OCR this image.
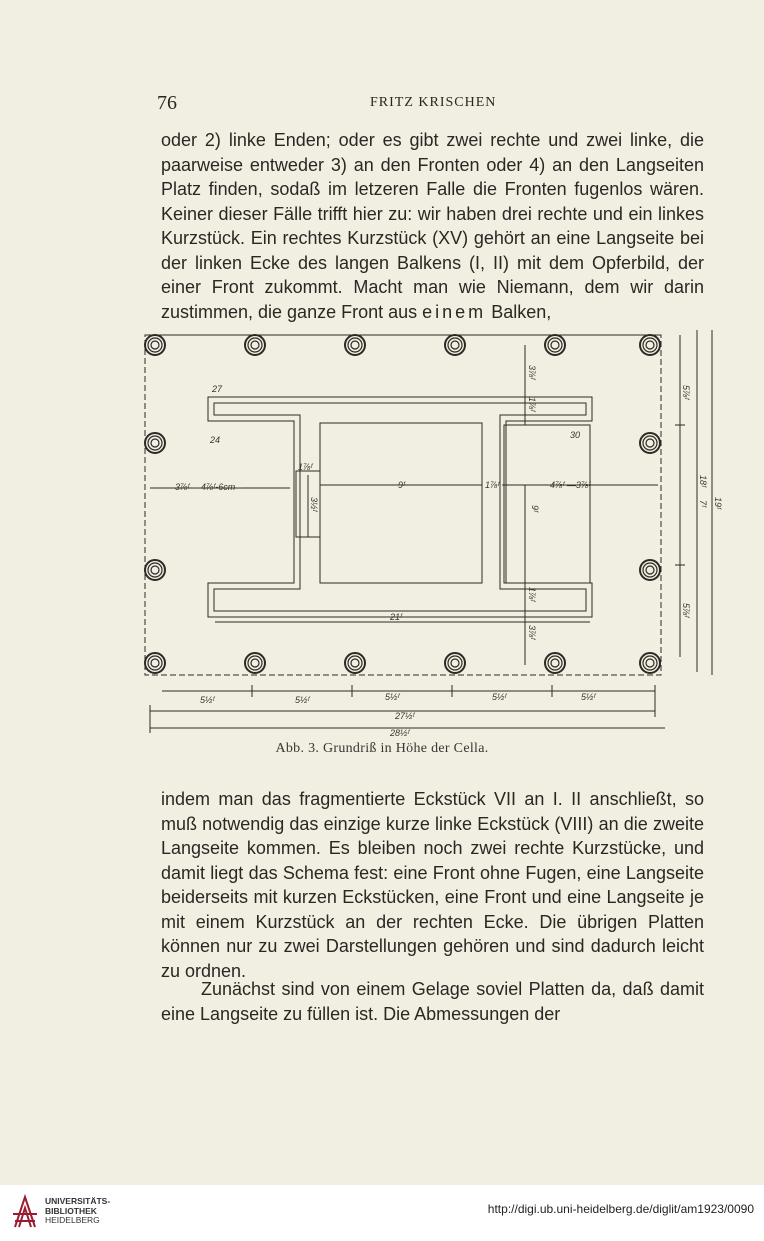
76	FRITZ KRISCHEN

oder 2) linke Enden; oder es gibt zwei rechte und zwei linke, die paarweise entweder 3) an den Fronten oder 4) an den Langseiten Platz finden, sodaß im letzeren Falle die Fronten fugenlos wären. Keiner dieser Fälle trifft hier zu: wir haben drei rechte und ein linkes Kurzstück. Ein rechtes Kurzstück (XV) gehört an eine Langseite bei der linken Ecke des langen Balkens (I, II) mit dem Opferbild, der einer Front zukommt. Macht man wie Niemann, dem wir darin zustimmen, die ganze Front aus einem Balken,

27
24	30
3⅞ᶠ —4⅞ᶠ-6cm—
1⅞ᶠ
9ᶠ	1⅞ᶠ	4⅞ᶠ —3⅞ᶠ
9ᶠ
3½ᶠ
21ᶠ
3⅞ᶠ
1⅞ᶠ
1⅞ᶠ
3⅞ᶠ
5⅞ᶠ
7ᶠ
5⅞ᶠ
18ᶠ
19ᶠ
5½ᶠ	5½ᶠ	5½ᶠ	5½ᶠ	5½ᶠ
27½ᶠ
28½ᶠ
Abb. 3. Grundriß in Höhe der Cella.

indem man das fragmentierte Eckstück VII an I. II anschließt, so muß notwendig das einzige kurze linke Eckstück (VIII) an die zweite Langseite kommen. Es bleiben noch zwei rechte Kurzstücke, und damit liegt das Schema fest: eine Front ohne Fugen, eine Langseite beiderseits mit kurzen Eckstücken, eine Front und eine Langseite je mit einem Kurzstück an der rechten Ecke. Die übrigen Platten können nur zu zwei Darstellungen gehören und sind dadurch leicht zu ordnen.

Zunächst sind von einem Gelage soviel Platten da, daß damit eine Langseite zu füllen ist. Die Abmessungen der

UNIVERSITÄTS-
BIBLIOTHEK
HEIDELBERG
http://digi.ub.uni-heidelberg.de/diglit/am1923/0090
